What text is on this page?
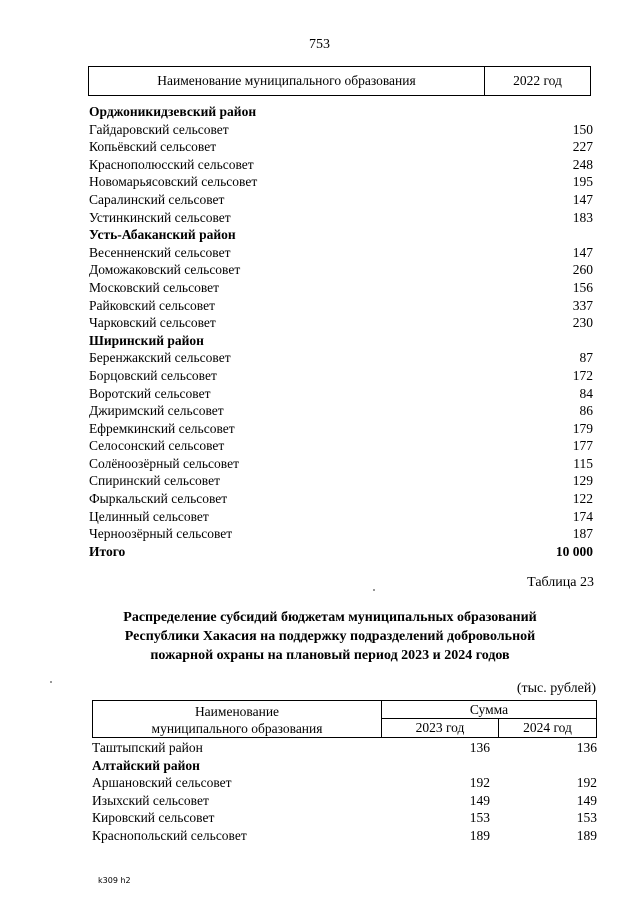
753
Наименование муниципального образования	2022 год
Орджоникидзевский район
Гайдаровский сельсовет	150
Копьёвский сельсовет	227
Краснополюсский сельсовет	248
Новомарьясовский сельсовет	195
Саралинский сельсовет	147
Устинкинский сельсовет	183
Усть-Абаканский район
Весенненский сельсовет	147
Доможаковский сельсовет	260
Московский сельсовет	156
Райковский сельсовет	337
Чарковский сельсовет	230
Ширинский район
Беренжакский сельсовет	87
Борцовский сельсовет	172
Воротский сельсовет	84
Джиримский сельсовет	86
Ефремкинский сельсовет	179
Селосонский сельсовет	177
Солёноозёрный сельсовет	115
Спиринский сельсовет	129
Фыркальский сельсовет	122
Целинный сельсовет	174
Черноозёрный сельсовет	187
Итого	10 000
Таблица 23
Распределение субсидий бюджетам муниципальных образований
Республики Хакасия на поддержку подразделений добровольной
пожарной охраны на плановый период 2023 и 2024 годов
(тыс. рублей)
Наименование
муниципального образования
Сумма
2023 год	2024 год
Таштыпский район	136	136
Алтайский район
Аршановский сельсовет	192	192
Изыхский сельсовет	149	149
Кировский сельсовет	153	153
Краснопольский сельсовет	189	189
k309 h2
